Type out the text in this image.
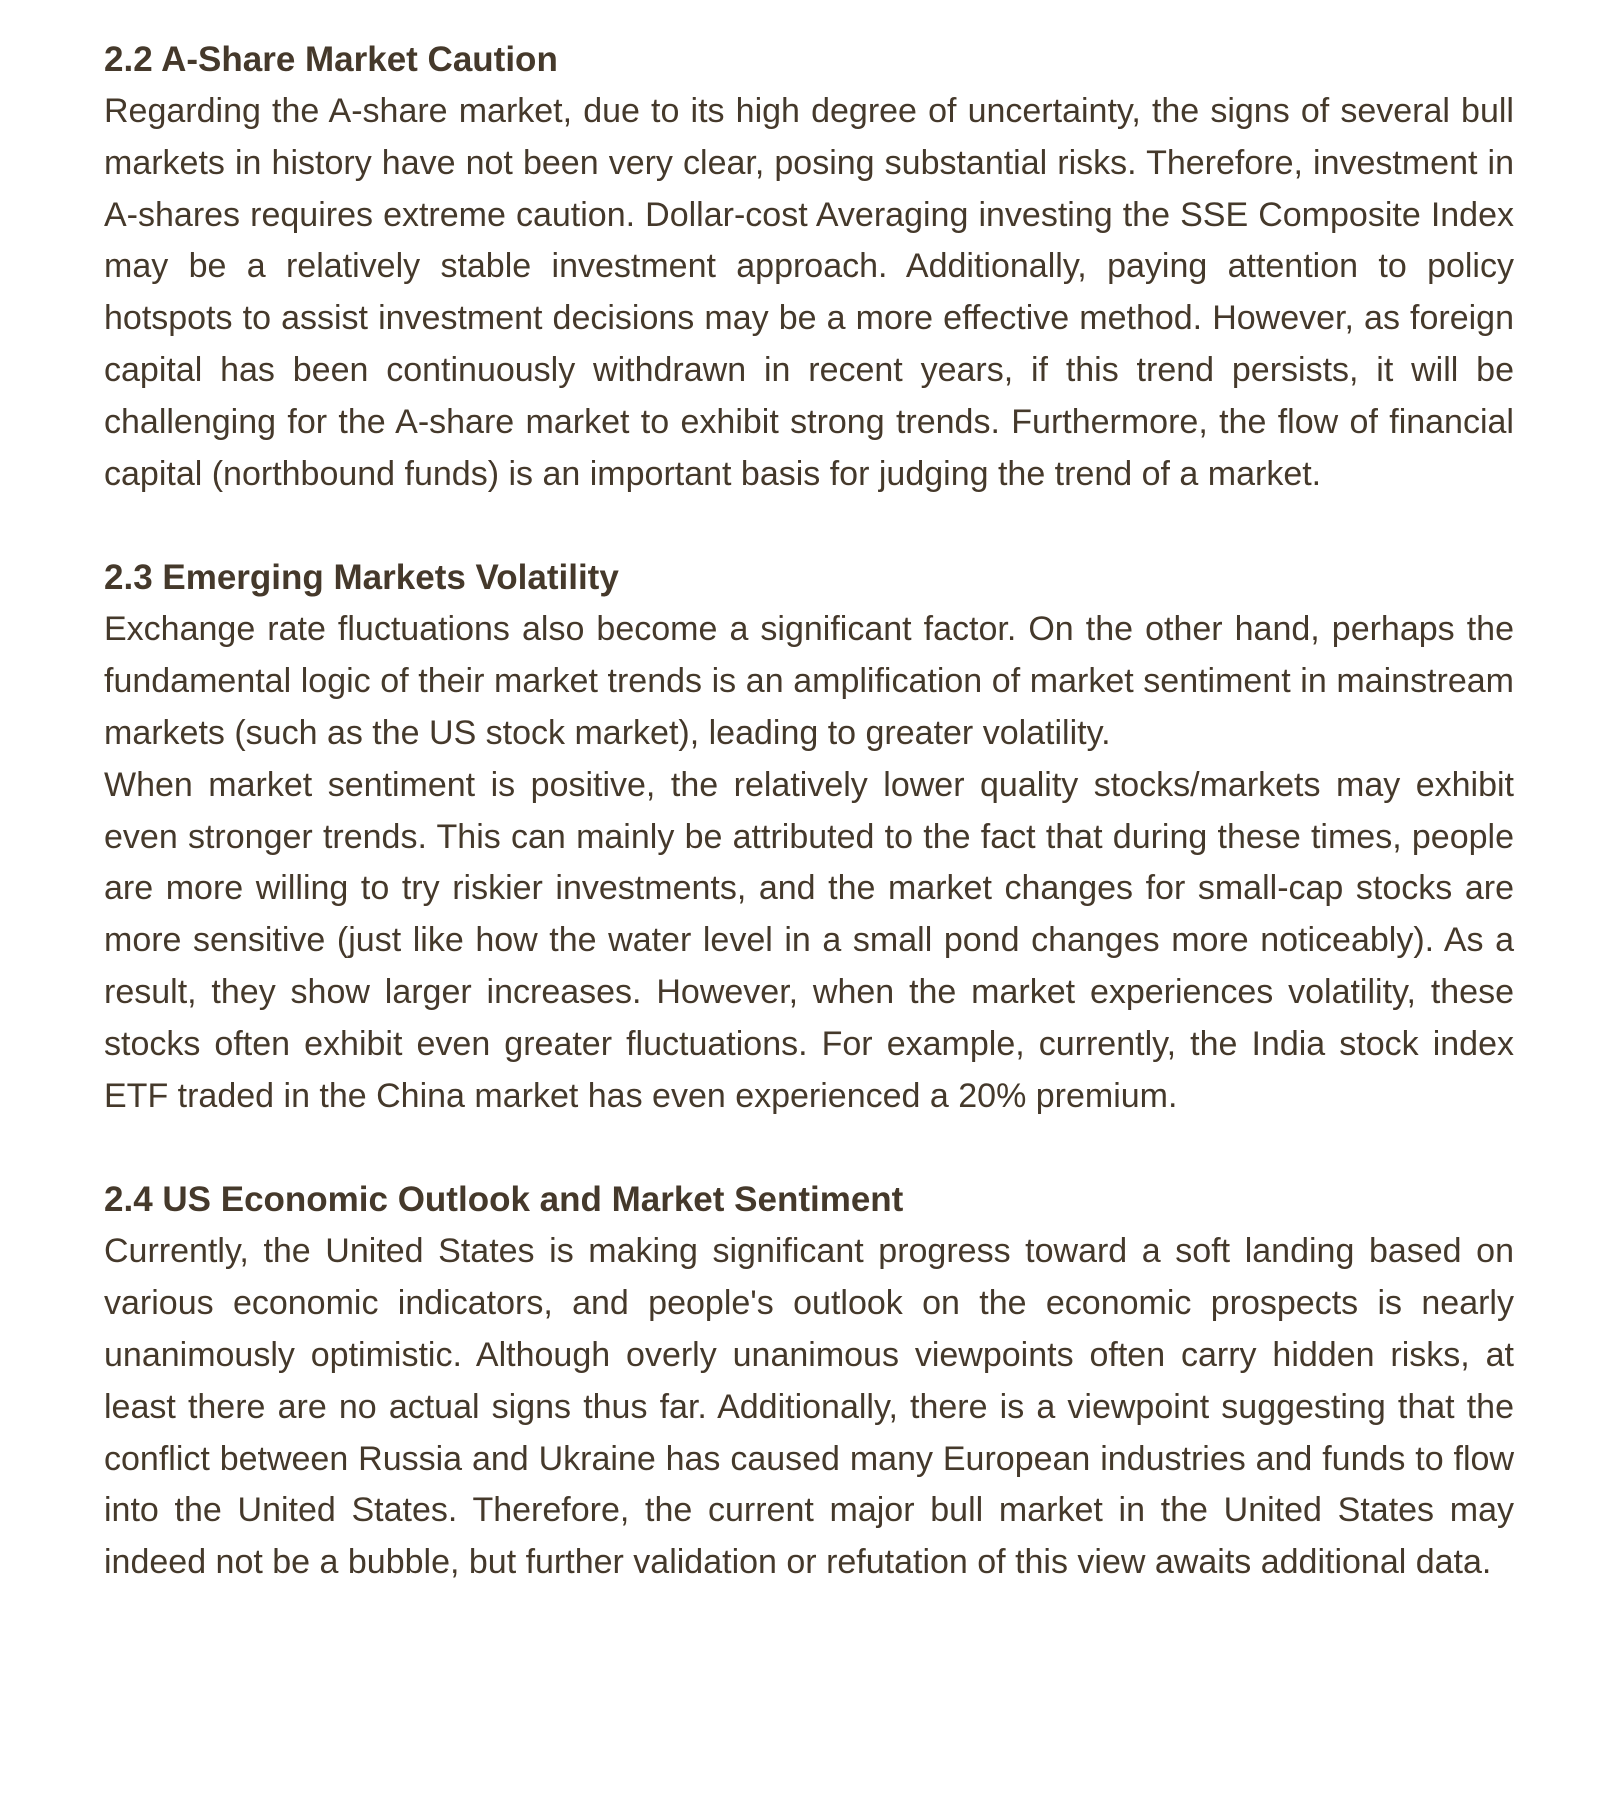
2.2 A-Share Market Caution

Regarding the A-share market, due to its high degree of uncertainty, the signs of several bull markets in history have not been very clear, posing substantial risks. Therefore, investment in A-shares requires extreme caution. Dollar-cost Averaging investing the SSE Composite Index may be a relatively stable investment approach. Additionally, paying attention to policy hotspots to assist investment decisions may be a more effective method. However, as foreign capital has been continuously withdrawn in recent years, if this trend persists, it will be challenging for the A-share market to exhibit strong trends. Furthermore, the flow of financial capital (northbound funds) is an important basis for judging the trend of a market.

2.3 Emerging Markets Volatility

Exchange rate fluctuations also become a significant factor. On the other hand, perhaps the fundamental logic of their market trends is an amplification of market sentiment in mainstream markets (such as the US stock market), leading to greater volatility.

When market sentiment is positive, the relatively lower quality stocks/markets may exhibit even stronger trends. This can mainly be attributed to the fact that during these times, people are more willing to try riskier investments, and the market changes for small-cap stocks are more sensitive (just like how the water level in a small pond changes more noticeably). As a result, they show larger increases. However, when the market experiences volatility, these stocks often exhibit even greater fluctuations. For example, currently, the India stock index ETF traded in the China market has even experienced a 20% premium.

2.4 US Economic Outlook and Market Sentiment

Currently, the United States is making significant progress toward a soft landing based on various economic indicators, and people's outlook on the economic prospects is nearly unanimously optimistic. Although overly unanimous viewpoints often carry hidden risks, at least there are no actual signs thus far. Additionally, there is a viewpoint suggesting that the conflict between Russia and Ukraine has caused many European industries and funds to flow into the United States. Therefore, the current major bull market in the United States may indeed not be a bubble, but further validation or refutation of this view awaits additional data.
